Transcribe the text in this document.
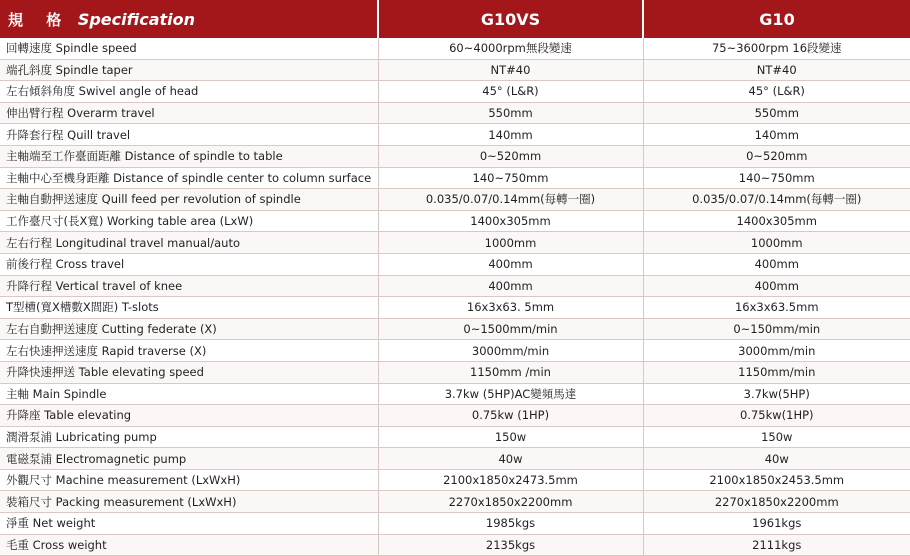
規 格 Specification	G10VS	G10
回轉速度 Spindle speed	60~4000rpm無段變速	75~3600rpm 16段變速
端孔斜度 Spindle taper	NT#40	NT#40
左右傾斜角度 Swivel angle of head	45° (L&R)	45° (L&R)
伸出臂行程 Overarm travel	550mm	550mm
升降套行程 Quill travel	140mm	140mm
主軸端至工作臺面距離 Distance of spindle to table	0~520mm	0~520mm
主軸中心至機身距離 Distance of spindle center to column surface	140~750mm	140~750mm
主軸自動押送速度 Quill feed per revolution of spindle	0.035/0.07/0.14mm(每轉一圈)	0.035/0.07/0.14mm(每轉一圈)
工作臺尺寸(長X寬) Working table area (LxW)	1400x305mm	1400x305mm
左右行程 Longitudinal travel manual/auto	1000mm	1000mm
前後行程 Cross travel	400mm	400mm
升降行程 Vertical travel of knee	400mm	400mm
T型槽(寬X槽數X間距) T-slots	16x3x63. 5mm	16x3x63.5mm
左右自動押送速度 Cutting federate (X)	0~1500mm/min	0~150mm/min
左右快速押送速度 Rapid traverse (X)	3000mm/min	3000mm/min
升降快速押送 Table elevating speed	1150mm /min	1150mm/min
主軸 Main Spindle	3.7kw (5HP)AC變頻馬達	3.7kw(5HP)
升降座 Table elevating	0.75kw (1HP)	0.75kw(1HP)
潤滑泵浦 Lubricating pump	150w	150w
電磁泵浦 Electromagnetic pump	40w	40w
外觀尺寸 Machine measurement (LxWxH)	2100x1850x2473.5mm	2100x1850x2453.5mm
裝箱尺寸 Packing measurement (LxWxH)	2270x1850x2200mm	2270x1850x2200mm
淨重 Net weight	1985kgs	1961kgs
毛重 Cross weight	2135kgs	2111kgs
